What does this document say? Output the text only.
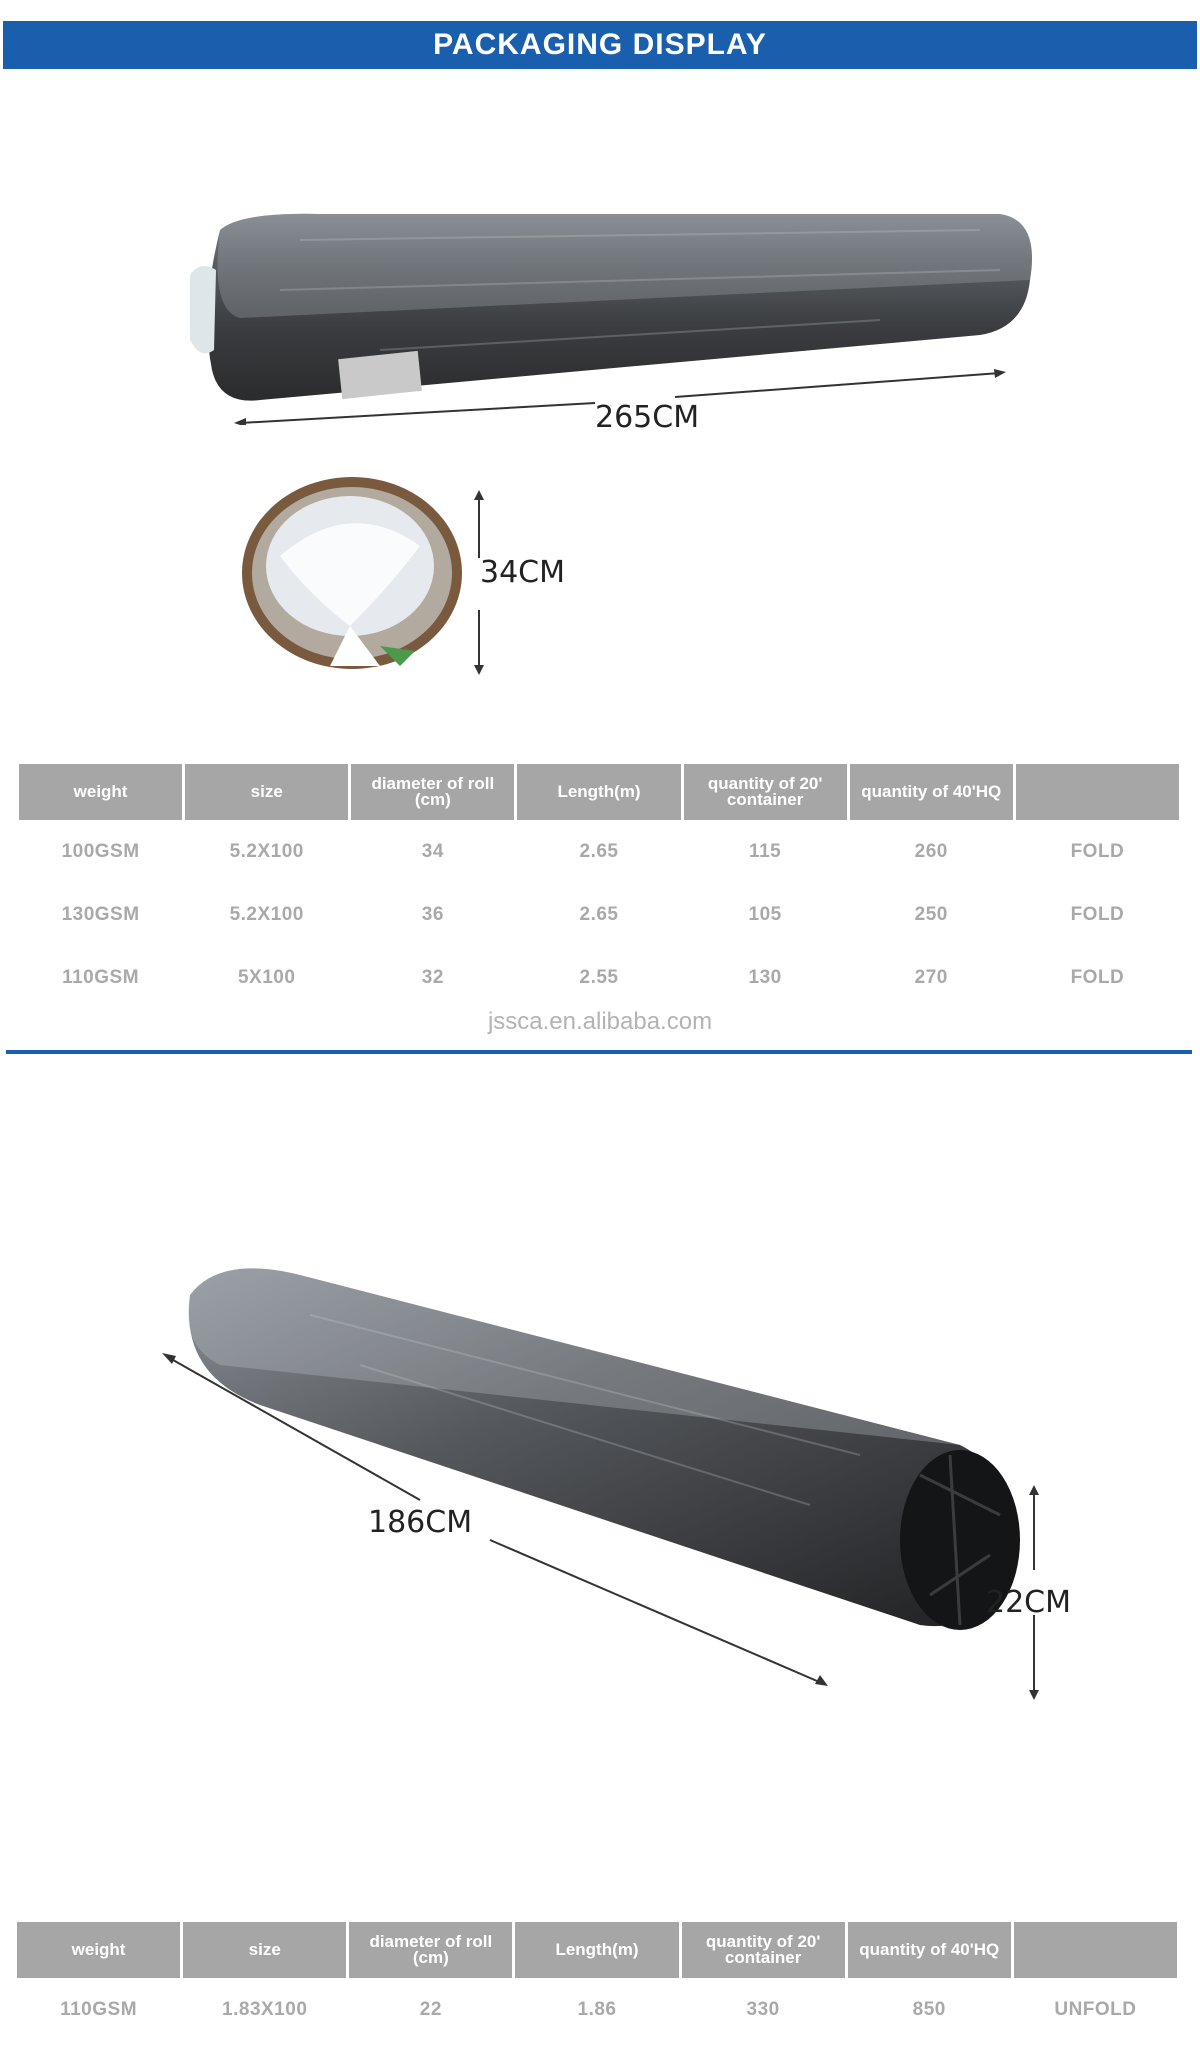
PACKAGING DISPLAY
265CM
34CM
weight	size	diameter of roll (cm)	Length(m)	quantity of 20' container	quantity of 40'HQ	
100GSM	5.2X100	34	2.65	115	260	FOLD
130GSM	5.2X100	36	2.65	105	250	FOLD
110GSM	5X100	32	2.55	130	270	FOLD
jssca.en.alibaba.com
186CM
22CM
weight	size	diameter of roll (cm)	Length(m)	quantity of 20' container	quantity of 40'HQ	
110GSM	1.83X100	22	1.86	330	850	UNFOLD
